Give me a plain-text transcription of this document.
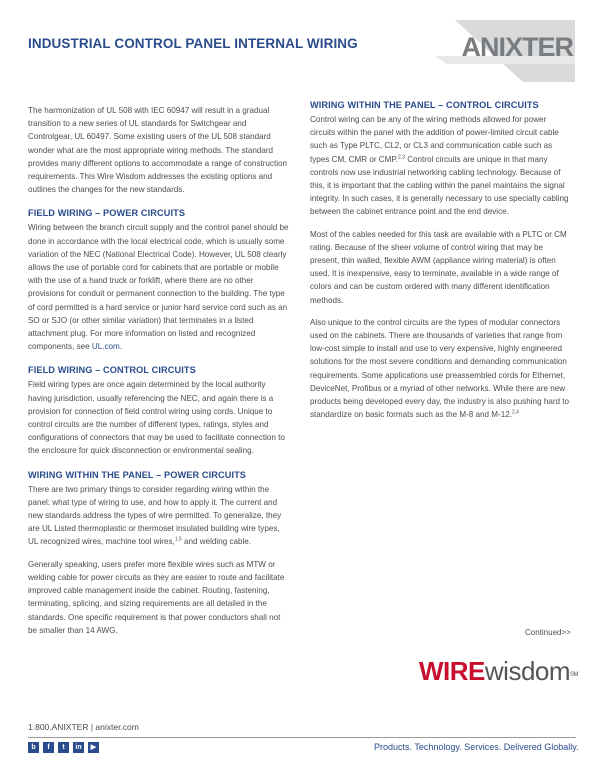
INDUSTRIAL CONTROL PANEL INTERNAL WIRING	ANIXTER

The harmonization of UL 508 with IEC 60947 will result in a gradual transition to a new series of UL standards for Switchgear and Controlgear, UL 60497. Some existing users of the UL 508 standard wonder what are the most appropriate wiring methods. The standard provides many different options to accommodate a range of construction requirements. This Wire Wisdom addresses the existing options and outlines the changes for the new standards.

FIELD WIRING – POWER CIRCUITS

Wiring between the branch circuit supply and the control panel should be done in accordance with the local electrical code, which is usually some variation of the NEC (National Electrical Code). However, UL 508 clearly allows the use of portable cord for cabinets that are portable or mobile with the use of a hand truck or forklift, where there are no other provisions for conduit or permanent connection to the building. The type of cord permitted is a hard service or junior hard service cord such as an SO or SJO (or other similar variation) that terminates in a listed attachment plug. For more information on listed and recognized components, see UL.com.

FIELD WIRING – CONTROL CIRCUITS

Field wiring types are once again determined by the local authority having jurisdiction, usually referencing the NEC, and again there is a provision for connection of field control wiring using cords. Unique to control circuits are the number of different types, ratings, styles and configurations of connectors that may be used to facilitate connection to the enclosure for quick disconnection or environmental sealing.

WIRING WITHIN THE PANEL – POWER CIRCUITS

There are two primary things to consider regarding wiring within the panel: what type of wiring to use, and how to apply it. The current and new standards address the types of wire permitted. To generalize, they are UL Listed thermoplastic or thermoset insulated building wire types, UL recognized wires, machine tool wires,$^{1,5}$ and welding cable.

Generally speaking, users prefer more flexible wires such as MTW or welding cable for power circuits as they are easier to route and facilitate improved cable management inside the cabinet. Routing, fastening, terminating, splicing, and sizing requirements are all detailed in the standards. One specific requirement is that power conductors shall not be smaller than 14 AWG.

WIRING WITHIN THE PANEL – CONTROL CIRCUITS

Control wiring can be any of the wiring methods allowed for power circuits within the panel with the addition of power-limited circuit cable such as Type PLTC, CL2, or CL3 and communication cable such as types CM, CMR or CMP.$^{2,3}$ Control circuits are unique in that many controls now use industrial networking cabling technology. Because of this, it is important that the cabling within the panel maintains the signal integrity. In such cases, it is generally necessary to use specialty cabling between the cabinet entrance point and the end device.

Most of the cables needed for this task are available with a PLTC or CM rating. Because of the sheer volume of control wiring that may be present, thin walled, flexible AWM (appliance wiring material) is often used. It is inexpensive, easy to terminate, available in a wide range of colors and can be custom ordered with many different identification methods.

Also unique to the control circuits are the types of modular connectors used on the cabinets. There are thousands of varieties that range from low-cost simple to install and use to very expensive, highly engineered solutions for the most severe conditions and demanding communication requirements. Some applications use preassembled cords for Ethernet, DeviceNet, Profibus or a myriad of other networks. While there are new products being developed every day, the industry is also pushing hard to standardize on basic formats such as the M-8 and M-12.$^{2,4}$

Continued>>
WIREwisdom℠
1.800.ANIXTER | anixter.com
b	f	t	in	▶	Products. Technology. Services. Delivered Globally.
